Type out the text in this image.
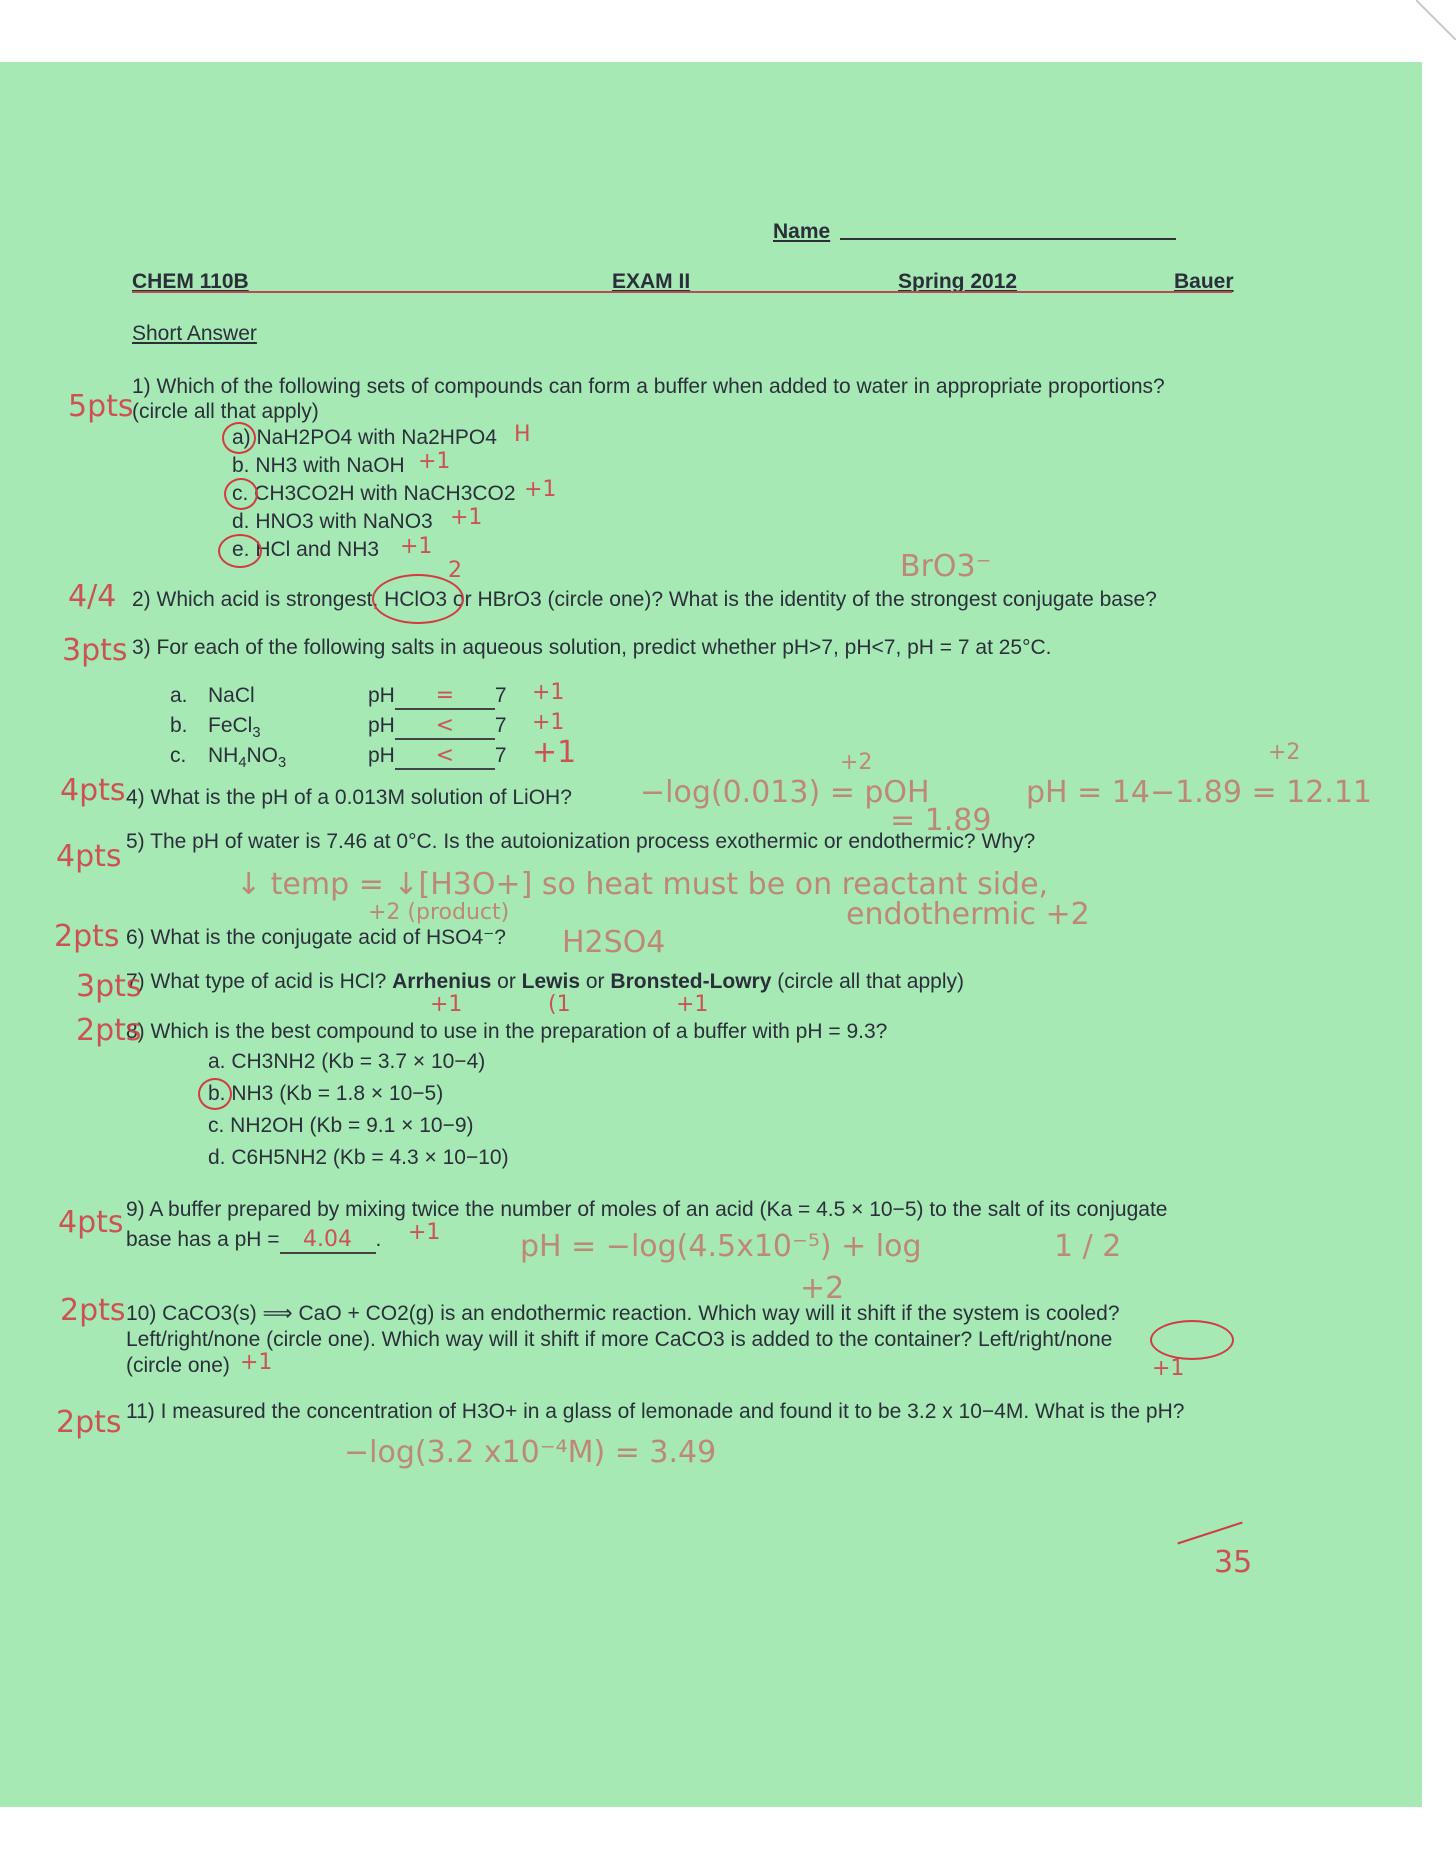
Name
CHEM 110B	EXAM II	Spring 2012	Bauer
Short Answer
1) Which of the following sets of compounds can form a buffer when added to water in appropriate proportions?
(circle all that apply)
a) NaH2PO4 with Na2HPO4
b. NH3 with NaOH
c. CH3CO2H with NaCH3CO2
d. HNO3 with NaNO3
e. HCl and NH3
H
+1
+1
+1
+1
5pts
2) Which acid is strongest, HClO3 or HBrO3 (circle one)? What is the identity of the strongest conjugate base?
4/4
2	BrO3⁻
3) For each of the following salts in aqueous solution, predict whether pH>7, pH<7, pH = 7 at 25°C.
3pts
a. NaCl	pH = 7 +1
b. FeCl$_3$	pH < 7 +1
c. $NH_4NO_3$	pH < 7 +1
4) What is the pH of a 0.013M solution of LiOH?
4pts
+2	+2
−log(0.013) = pOH
= 1.89
pH = 14−1.89 = 12.11
5) The pH of water is 7.46 at 0°C. Is the autoionization process exothermic or endothermic? Why?
4pts
↓ temp = ↓[H3O+] so heat must be on reactant side,
+2 (product)	endothermic +2
6) What is the conjugate acid of HSO4⁻?
2pts	H2SO4
7) What type of acid is HCl? Arrhenius or Lewis or Bronsted-Lowry (circle all that apply)
3pts
+1	(1	+1
8) Which is the best compound to use in the preparation of a buffer with pH = 9.3?
2pts
a. CH3NH2 (Kb = 3.7 × 10−4)
b. NH3 (Kb = 1.8 × 10−5)
c. NH2OH (Kb = 9.1 × 10−9)
d. C6H5NH2 (Kb = 4.3 × 10−10)
9) A buffer prepared by mixing twice the number of moles of an acid (Ka = 4.5 × 10−5) to the salt of its conjugate
base has a pH = 4.04 . +1
4pts
pH = −log(4.5x10⁻⁵) + log	1 / 2
+2
10) CaCO3(s) ⟹ CaO + CO2(g) is an endothermic reaction. Which way will it shift if the system is cooled?
Left/right/none (circle one). Which way will it shift if more CaCO3 is added to the container? Left/right/none
(circle one) +1	+1
2pts
11) I measured the concentration of H3O+ in a glass of lemonade and found it to be 3.2 x 10−4M. What is the pH?
2pts
−log(3.2 x10⁻⁴M) = 3.49
35
